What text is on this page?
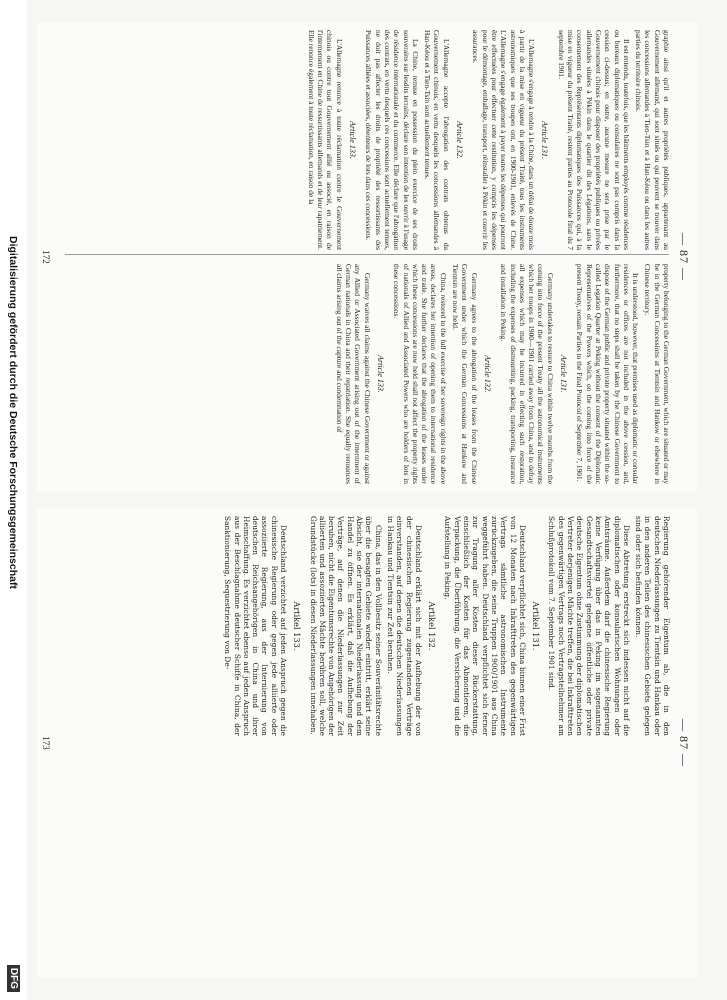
— 87 —

graphie ainsi qu'il et autres propriétés publiques, appartenant au Gouvernement allemand, qui sont situés ou qui peuvent se trouver dans les concessions allemandes à Tien-Tsin et à Han-Kéou ou dans les autres parties du territoire chinois.

Il est entendu, toutefois, que les bâtiments employés comme résidences ou bureaux diplomatiques ou consulaires ne sont pas compris dans la cession ci-dessus; en outre, aucune mesure ne sera prise par le Gouvernement chinois pour disposer des propriétés publiques ou privées allemandes situées à Pékin dans le quartier dit des Légations, sans le consentement des Représentants diplomatiques des Puissances qui, à la mise en vigueur du présent Traité, restent parties au Protocole final du 7 septembre 1901.

Article 131.

L'Allemagne s'engage à rendre à la Chine, dans un délai de douze mois à partir de la mise en vigueur du présent Traité, tous les instruments astronomiques que ses troupes ont, en 1900-1901, enlevés de Chine. L'Allemagne s'engage également à payer toutes les dépenses qui pourront être effectuées pour effectuer cette restitution, y compris les dépenses pour le démontage, emballage, transport, réinstaller à Pékin et couvrir les assurances.

Article 132.

L'Allemagne accepte l'abrogation des contrats obtenus du Gouvernement chinois, en vertu desquels les concessions allemandes à Han-Kéou et à Tien-Tsin sont actuellement tenues.

La Chine, remise en possession du plein exercice de ses droits souverains sur lesdits terrains, déclare son intention de les ouvrir à l'usage de résidence internationale et du commerce. Elle déclare que l'abrogation des contrats, en vertu desquels ces concessions sont actuellement tenues, ne doit pas affecter les droits de propriété des ressortissants des Puissances alliées et associées, détenteurs de lots dans ces concessions.

Article 133.

L'Allemagne renonce à toute réclamation contre le Gouvernement chinois ou contre tout Gouvernement allié ou associé, en raison de l'internement en Chine de ressortissants allemands et de leur rapatriement. Elle renonce également à toute réclamation, en raison de la

property belonging to the German Government, which are situated or may be in the German Concessions at Tientsin and Hankow or elsewhere in Chinese territory.

It is understood, however, that premises used as diplomatic or consular residences or offices are not included in the above cession, and, furthermore, that no steps shall be taken by the Chinese Government to dispose of the German public and private property situated within the so-called Legation Quarter at Peking without the consent of the Diplomatic Representatives of the Powers which, on the coming into force of the present Treaty, remain Parties to the Final Protocol of September 7, 1901.

Article 131.

Germany undertakes to restore to China within twelve months from the coming into force of the present Treaty all the astronomical instruments which her troops in 1900—1901 carried away from China, and to defray all expenses which may be incurred in effecting such restoration, including the expenses of dismounting, packing, transporting, insurance and installation in Peking.

Article 132.

Germany agrees to the abrogation of the leases from the Chinese Government under which the German Concessions at Hankow and Tientsin are now held.

China, restored to the full exercise of her sovereign rights in the above areas, declares her intention of opening them to international residence and trade. She further declares that the abrogation of the leases under which these concessions are now held shall not affect the property rights of nationals of Allied and Associated Powers who are holders of lots in these concessions.

Article 133.

Germany waives all claims against the Chinese Government or against any Allied or Associated Government arising out of the internment of German nationals in China and their repatriation. She equally renounces all claims arising out of the capture and condemnation of

172
— 87 —

Regierung gehörender Eigentum ab, die in den deutschen Niederlassungen zu Tientsin und Hankau oder in den anderen Teilen des chinesischen Gebiets gelegen sind oder sich befinden können.

Diese Abtretung erstreckt sich indessen nicht auf die diplomatischen oder konsularischen Wohnungen oder Amtsräume. Außerdem darf die chinesische Regierung keine Verfügung über das in Peking im sogenannten Gesandtschaftsviertel gelegene öffentliche oder private deutsche Eigentum ohne Zustimmung der diplomatischen Vertreter derjenigen Mächte treffen, die bei Inkrafttreten des gegenwärtigen Vertrags noch Vertragsteilnehmer am Schlußprotokoll vom 7. September 1901 sind.

Artikel 131.

Deutschland verpflichtet sich, China binnen einer Frist von 12 Monaten nach Inkrafttreten des gegenwärtigen Vertrags sämtliche astronomischen Instrumente zurückzugeben, die seine Truppen 1900/1901 aus China weggeführt haben. Deutschland verpflichtet sich ferner zur Tragung aller Kosten dieser Rückerstattung, einschließlich der Kosten für das Abmontieren, die Verpackung, die Überführung, die Versicherung und die Aufstellung in Peking.

Artikel 132.

Deutschland erklärt sich mit der Aufhebung der von der chinesischen Regierung zugestandenen Verträge einverstanden, auf denen die deutschen Niederlassungen in Hankau und Tientsin zur Zeit beruhen.

China, das in den Vollbesitz seiner Souveränitätsrechte über die besagten Gebiete wieder eintritt, erklärt seine Absicht, sie der internationalen Niederlassung und dem Handel zu öffnen. Es erklärt, daß die Aufhebung der Verträge, auf denen die Niederlassungen zur Zeit beruhen, nicht die Eigentumsrechte von Angehörigen der alliierten und assoziierten Mächte berühren soll, welche Grundstücke (lots) in diesen Niederlassungen innehaben.

Artikel 133.

Deutschland verzichtet auf jeden Anspruch gegen die chinesische Regierung oder gegen jede alliierte oder assoziierte Regierung, aus der Internierung von deutschen Reichsangehörigen in China und ihrer Heimschaffung. Es verzichtet ebenso auf jeden Anspruch aus der Beschlagnahme deutscher Schiffe in China, der Sanktionierung, Sequestrierung von De-

173
Digitalisierung gefördert durch die Deutsche Forschungsgemeinschaft
DFG
